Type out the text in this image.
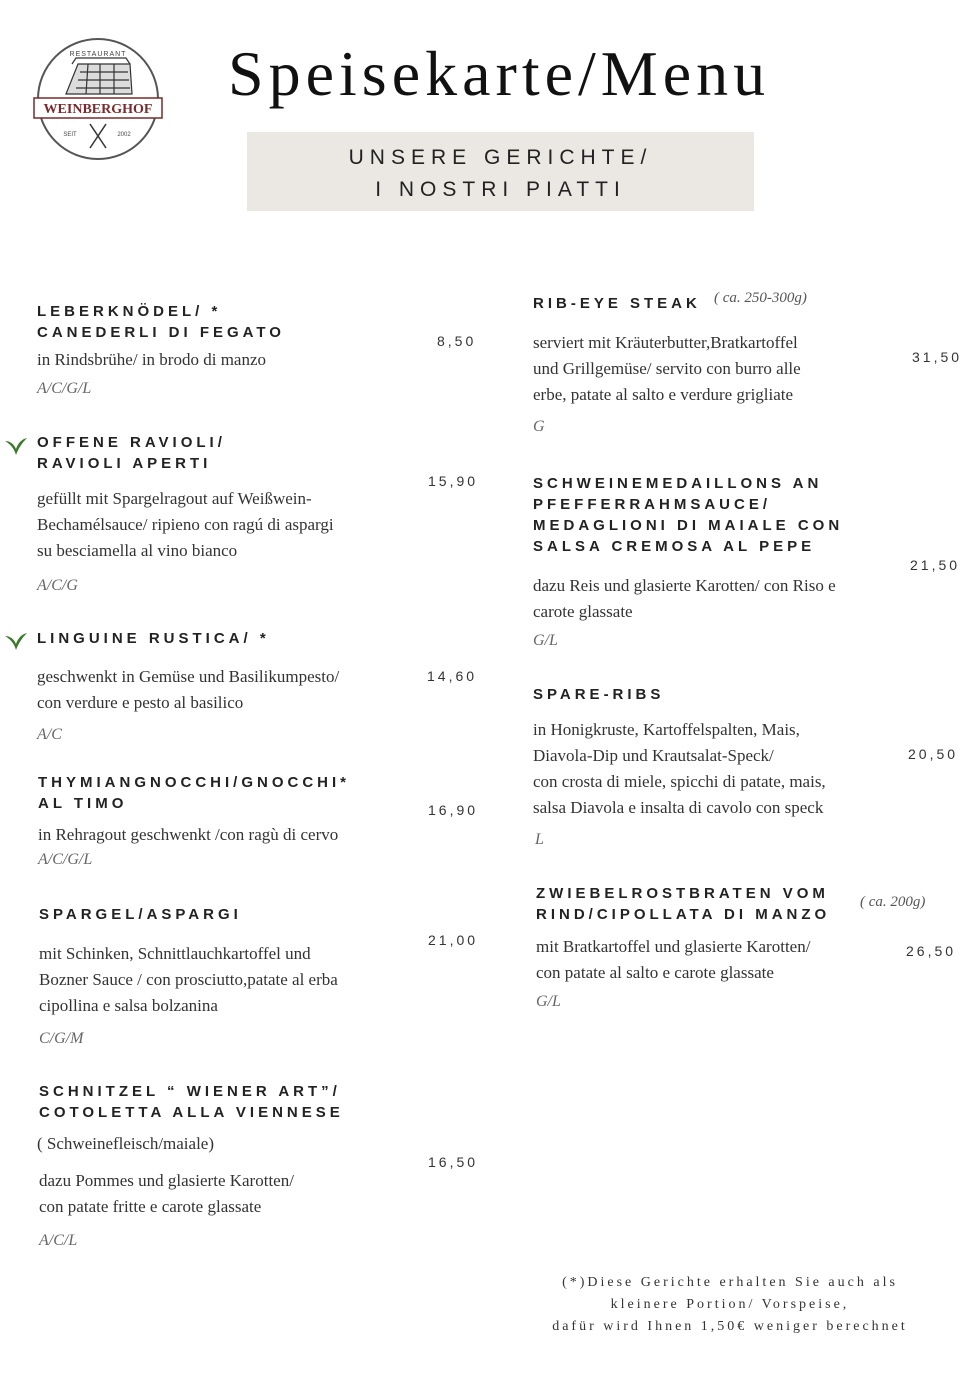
RESTAURANT
WEINBERGHOF
SEIT	2002
Speisekarte/Menu
UNSERE GERICHTE/
I NOSTRI PIATTI
LEBERKNÖDEL/ *
CANEDERLI DI FEGATO	8,50
in Rindsbrühe/ in brodo di manzo
A/C/G/L
OFFENE RAVIOLI/
RAVIOLI APERTI
15,90
gefüllt mit Spargelragout auf Weißwein-
Bechamélsauce/ ripieno con ragú di aspargi
su besciamella al vino bianco
A/C/G
LINGUINE RUSTICA/ *
14,60
geschwenkt in Gemüse und Basilikumpesto/
con verdure e pesto al basilico
A/C
THYMIANGNOCCHI/GNOCCHI*
AL TIMO	16,90
in Rehragout geschwenkt /con ragù di cervo
A/C/G/L
SPARGEL/ASPARGI
21,00
mit Schinken, Schnittlauchkartoffel und
Bozner Sauce / con prosciutto,patate al erba
cipollina e salsa bolzanina
C/G/M
SCHNITZEL “ WIENER ART”/
COTOLETTA ALLA VIENNESE
( Schweinefleisch/maiale)
16,50
dazu Pommes und glasierte Karotten/
con patate fritte e carote glassate
A/C/L
RIB-EYE STEAK ( ca. 250-300g)
31,50
serviert mit Kräuterbutter,Bratkartoffel
und Grillgemüse/ servito con burro alle
erbe, patate al salto e verdure grigliate
G
SCHWEINEMEDAILLONS AN
PFEFFERRAHMSAUCE/
MEDAGLIONI DI MAIALE CON
SALSA CREMOSA AL PEPE
21,50
dazu Reis und glasierte Karotten/ con Riso e
carote glassate
G/L
SPARE-RIBS
20,50
in Honigkruste, Kartoffelspalten, Mais,
Diavola-Dip und Krautsalat-Speck/
con crosta di miele, spicchi di patate, mais,
salsa Diavola e insalta di cavolo con speck
L
ZWIEBELROSTBRATEN VOM
RIND/CIPOLLATA DI MANZO
( ca. 200g)
26,50
mit Bratkartoffel und glasierte Karotten/
con patate al salto e carote glassate
G/L
(*)Diese Gerichte erhalten Sie auch als
kleinere Portion/ Vorspeise,
dafür wird Ihnen 1,50€ weniger berechnet
